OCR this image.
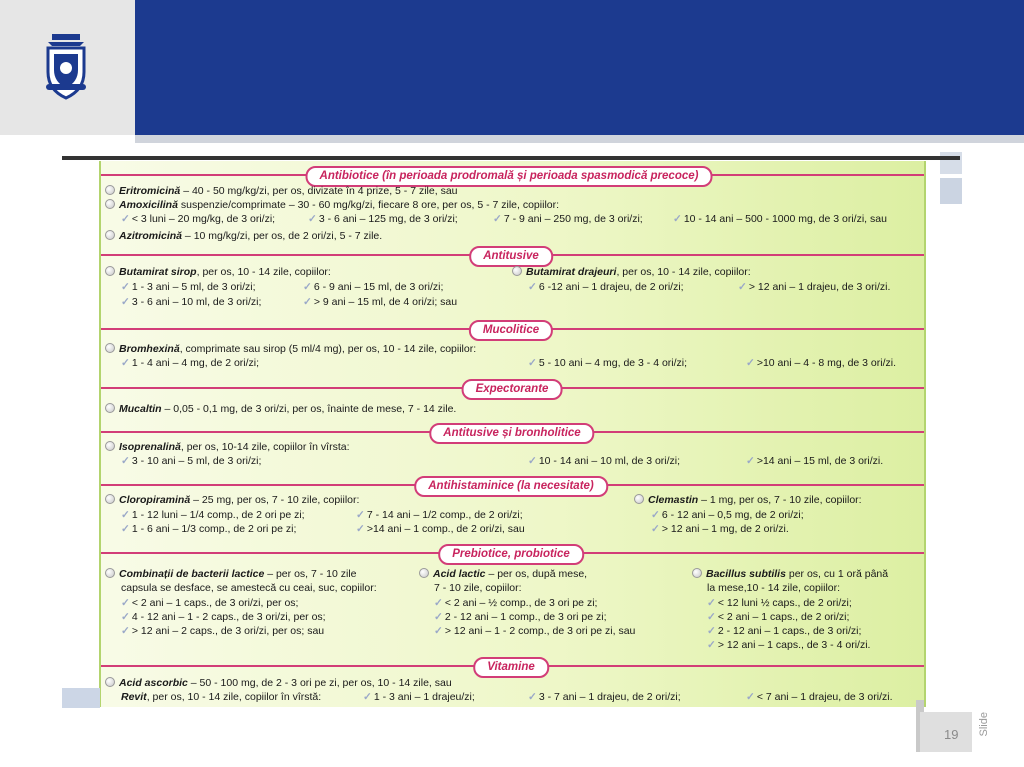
Antibiotice (în perioada prodromală și perioada spasmodică precoce)
Antitusive
Mucolitice
Expectorante
Antitusive și bronholitice
Antihistaminice (la necesitate)
Prebiotice, probiotice
Vitamine
Eritromicină – 40 - 50 mg/kg/zi, per os, divizate în 4 prize, 5 - 7 zile, sau
Amoxicilină suspenzie/comprimate – 30 - 60 mg/kg/zi, fiecare 8 ore, per os, 5 - 7 zile, copiilor:
✓ < 3 luni – 20 mg/kg, de 3 ori/zi;	✓ 3 - 6 ani – 125 mg, de 3 ori/zi;	✓ 7 - 9 ani – 250 mg, de 3 ori/zi;	✓ 10 - 14 ani – 500 - 1000 mg, de 3 ori/zi, sau
Azitromicină – 10 mg/kg/zi, per os, de 2 ori/zi, 5 - 7 zile.
Butamirat sirop, per os, 10 - 14 zile, copiilor:
✓ 1 - 3 ani – 5 ml, de 3 ori/zi;	✓ 6 - 9 ani – 15 ml, de 3 ori/zi;
✓ 3 - 6 ani – 10 ml, de 3 ori/zi;	✓ > 9 ani – 15 ml, de 4 ori/zi; sau
Butamirat drajeuri, per os, 10 - 14 zile, copiilor:
✓ 6 -12 ani – 1 drajeu, de 2 ori/zi;	✓ > 12 ani – 1 drajeu, de 3 ori/zi.
Bromhexină, comprimate sau sirop (5 ml/4 mg), per os, 10 - 14 zile, copiilor:
✓ 1 - 4 ani – 4 mg, de 2 ori/zi;	✓ 5 - 10 ani – 4 mg, de 3 - 4 ori/zi;	✓ >10 ani – 4 - 8 mg, de 3 ori/zi.
Mucaltin – 0,05 - 0,1 mg, de 3 ori/zi, per os, înainte de mese, 7 - 14 zile.
Isoprenalină, per os, 10-14 zile, copiilor în vîrsta:
✓ 3 - 10 ani – 5 ml, de 3 ori/zi;	✓ 10 - 14 ani – 10 ml, de 3 ori/zi;	✓ >14 ani – 15 ml, de 3 ori/zi.
Cloropiramină – 25 mg, per os, 7 - 10 zile, copiilor:
✓ 1 - 12 luni – 1/4 comp., de 2 ori pe zi;	✓ 7 - 14 ani – 1/2 comp., de 2 ori/zi;
✓ 1 - 6 ani – 1/3 comp., de 2 ori pe zi;	✓ >14 ani – 1 comp., de 2 ori/zi, sau
Clemastin – 1 mg, per os, 7 - 10 zile, copiilor:
✓ 6 - 12 ani – 0,5 mg, de 2 ori/zi;
✓ > 12 ani – 1 mg, de 2 ori/zi.
Combinații de bacterii lactice – per os, 7 - 10 zile
capsula se desface, se amestecă cu ceai, suc, copiilor:
✓ < 2 ani – 1 caps., de 3 ori/zi, per os;
✓ 4 - 12 ani – 1 - 2 caps., de 3 ori/zi, per os;
✓ > 12 ani – 2 caps., de 3 ori/zi, per os; sau
Acid lactic – per os, după mese,
7 - 10 zile, copiilor:
✓ < 2 ani – ½ comp., de 3 ori pe zi;
✓ 2 - 12 ani – 1 comp., de 3 ori pe zi;
✓ > 12 ani – 1 - 2 comp., de 3 ori pe zi, sau
Bacillus subtilis per os, cu 1 oră până
la mese,10 - 14 zile, copiilor:
✓ < 12 luni ½ caps., de 2 ori/zi;
✓ < 2 ani – 1 caps., de 2 ori/zi;
✓ 2 - 12 ani – 1 caps., de 3 ori/zi;
✓ > 12 ani – 1 caps., de 3 - 4 ori/zi.
Acid ascorbic – 50 - 100 mg, de 2 - 3 ori pe zi, per os, 10 - 14 zile, sau
Revit, per os, 10 - 14 zile, copiilor în vîrstă:	✓ 1 - 3 ani – 1 drajeu/zi;	✓ 3 - 7 ani – 1 drajeu, de 2 ori/zi;	✓ < 7 ani – 1 drajeu, de 3 ori/zi.
19 Slide
